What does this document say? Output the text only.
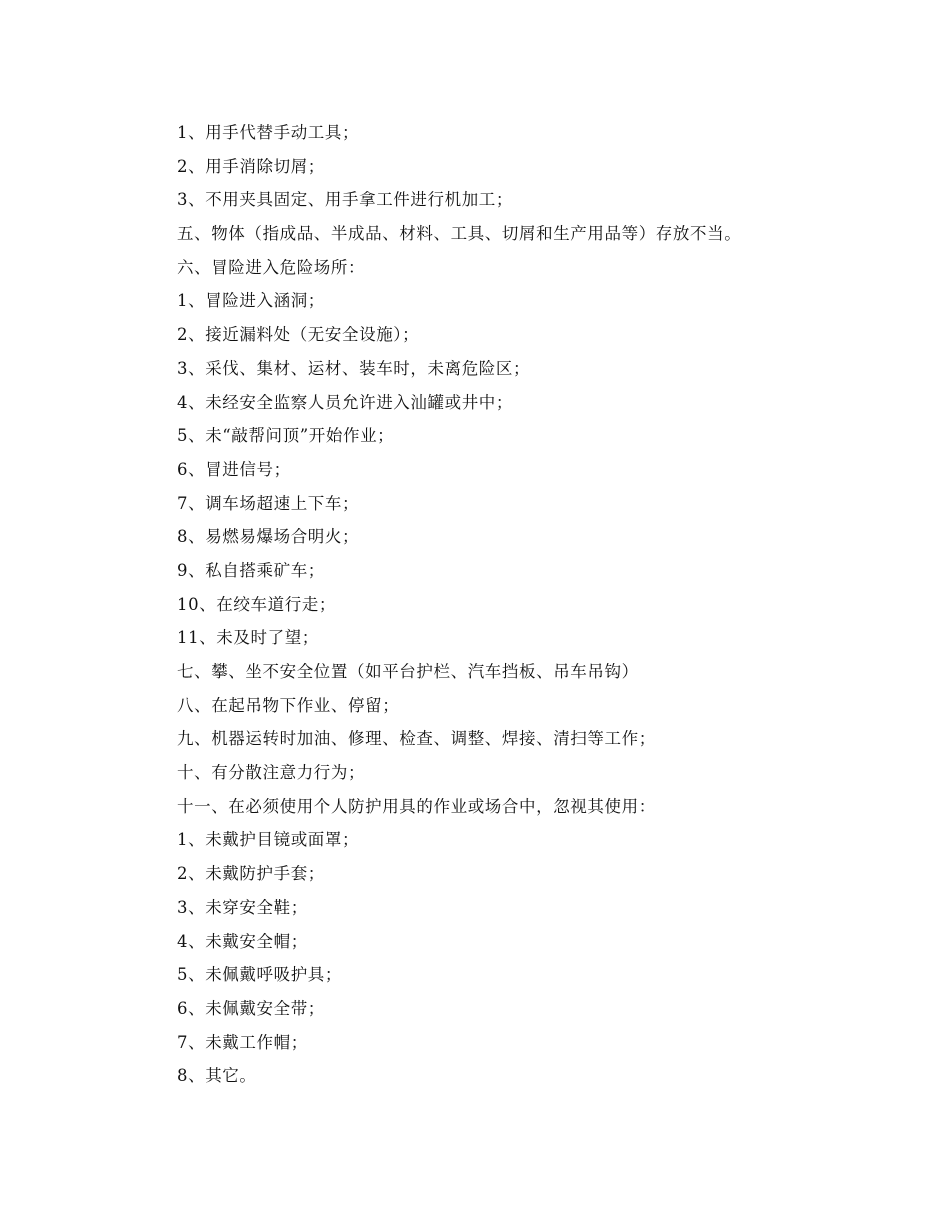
1、用手代替手动工具；
2、用手消除切屑；
3、不用夹具固定、用手拿工件进行机加工；
五、物体（指成品、半成品、材料、工具、切屑和生产用品等）存放不当。
六、冒险进入危险场所：
1、冒险进入涵洞；
2、接近漏料处（无安全设施）；
3、采伐、集材、运材、装车时，未离危险区；
4、未经安全监察人员允许进入汕罐或井中；
5、未“敲帮问顶”开始作业；
6、冒进信号；
7、调车场超速上下车；
8、易燃易爆场合明火；
9、私自搭乘矿车；
10、在绞车道行走；
11、未及时了望；
七、攀、坐不安全位置（如平台护栏、汽车挡板、吊车吊钩）
八、在起吊物下作业、停留；
九、机器运转时加油、修理、检查、调整、焊接、清扫等工作；
十、有分散注意力行为；
十一、在必须使用个人防护用具的作业或场合中，忽视其使用：
1、未戴护目镜或面罩；
2、未戴防护手套；
3、未穿安全鞋；
4、未戴安全帽；
5、未佩戴呼吸护具；
6、未佩戴安全带；
7、未戴工作帽；
8、其它。
